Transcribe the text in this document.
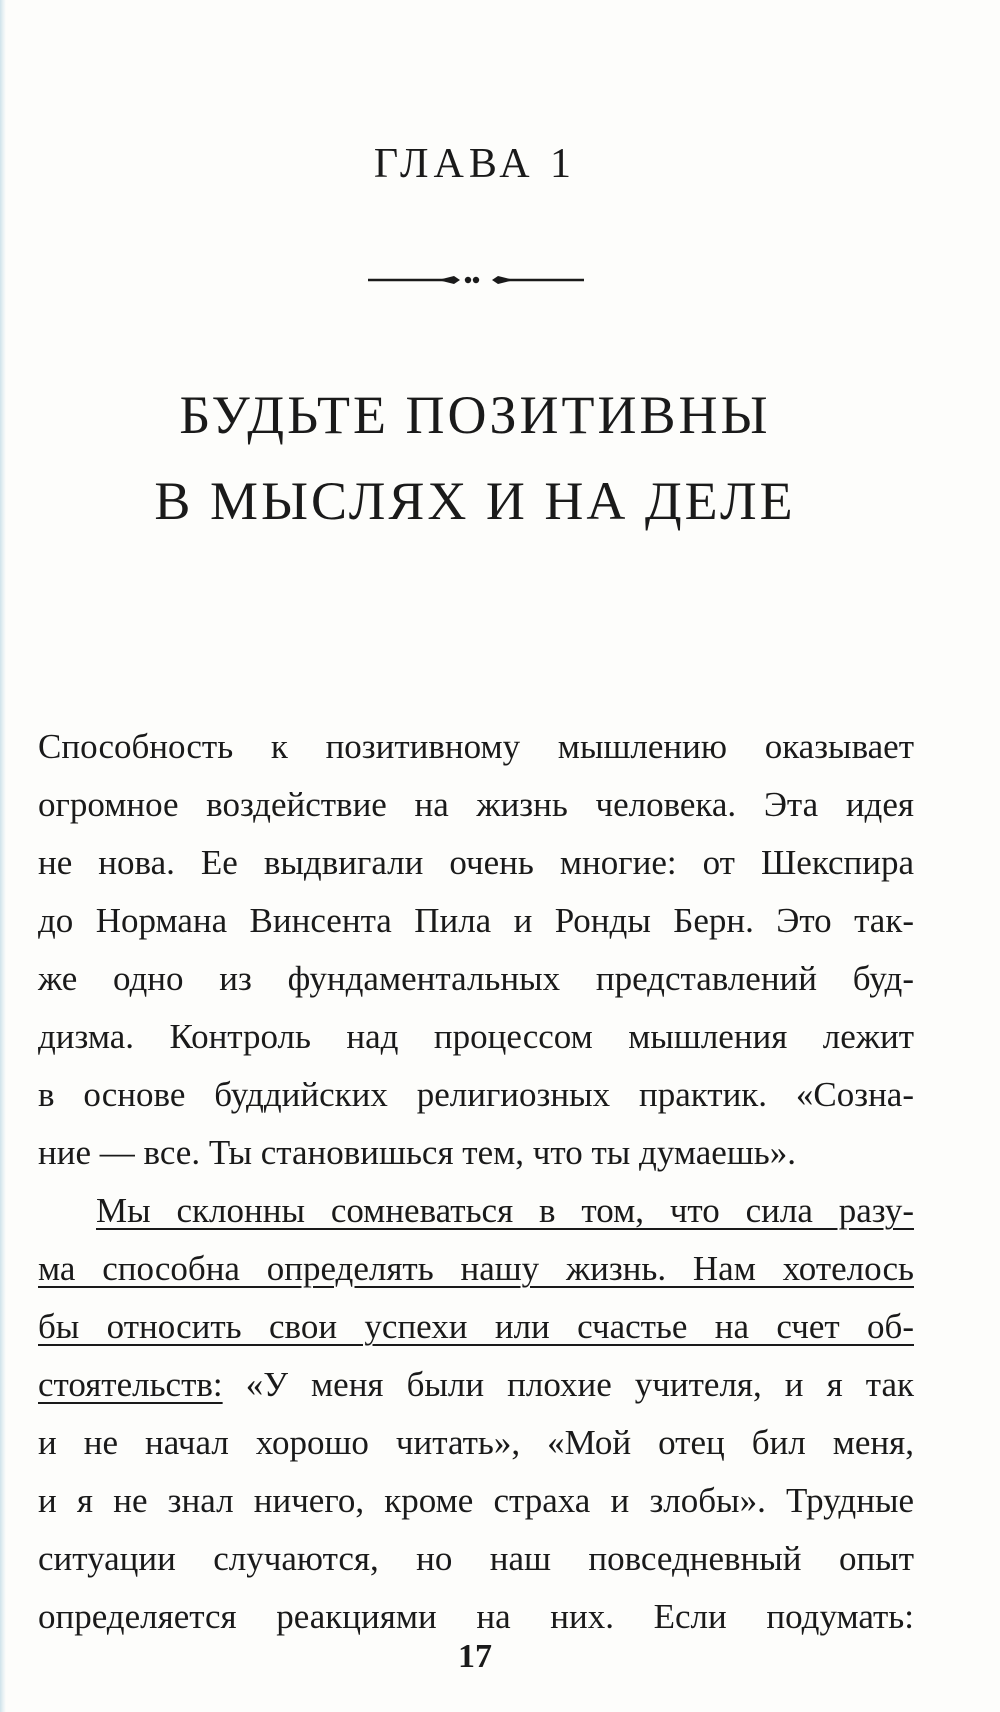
ГЛАВА 1
БУДЬТЕ ПОЗИТИВНЫ
В МЫСЛЯХ И НА ДЕЛЕ
Способность к позитивному мышлению оказывает
огромное воздействие на жизнь человека. Эта идея
не нова. Ее выдвигали очень многие: от Шекспира
до Нормана Винсента Пила и Ронды Берн. Это так-
же одно из фундаментальных представлений буд-
дизма. Контроль над процессом мышления лежит
в основе буддийских религиозных практик. «Созна-
ние — все. Ты становишься тем, что ты думаешь».
Мы склонны сомневаться в том, что сила разу-
ма способна определять нашу жизнь. Нам хотелось
бы относить свои успехи или счастье на счет об-
стоятельств: «У меня были плохие учителя, и я так
и не начал хорошо читать», «Мой отец бил меня,
и я не знал ничего, кроме страха и злобы». Трудные
ситуации случаются, но наш повседневный опыт
определяется реакциями на них. Если подумать:
17
